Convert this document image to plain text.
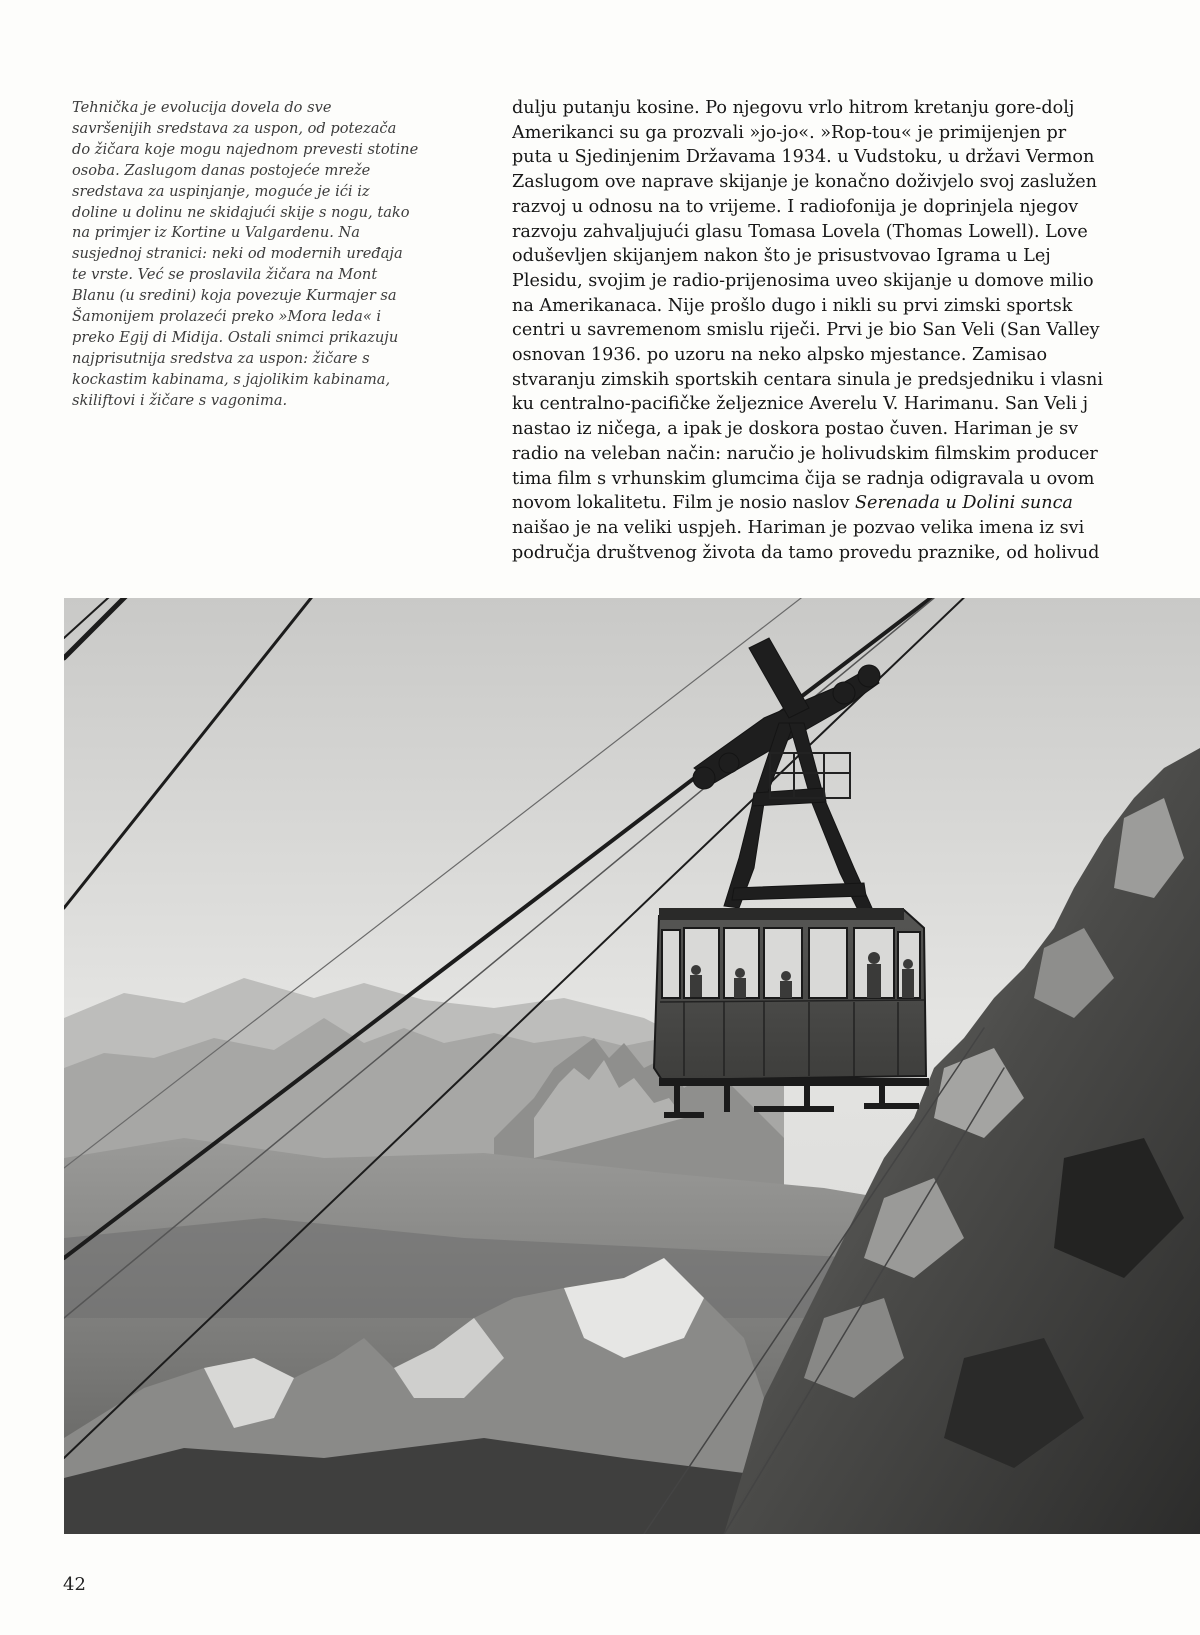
Tehnička je evolucija dovela do sve
savršenijih sredstava za uspon, od potezača
do žičara koje mogu najednom prevesti stotine
osoba. Zaslugom danas postojeće mreže
sredstava za uspinjanje, moguće je ići iz
doline u dolinu ne skidajući skije s nogu, tako
na primjer iz Kortine u Valgardenu. Na
susjednoj stranici: neki od modernih uređaja
te vrste. Već se proslavila žičara na Mont
Blanu (u sredini) koja povezuje Kurmajer sa
Šamonijem prolazeći preko »Mora leda« i
preko Egij di Midija. Ostali snimci prikazuju
najprisutnija sredstva za uspon: žičare s
kockastim kabinama, s jajolikim kabinama,
skiliftovi i žičare s vagonima.
dulju putanju kosine. Po njegovu vrlo hitrom kretanju gore-dolj
Amerikanci su ga prozvali »jo-jo«. »Rop-tou« je primijenjen pr
puta u Sjedinjenim Državama 1934. u Vudstoku, u državi Vermon
Zaslugom ove naprave skijanje je konačno doživjelo svoj zaslužen
razvoj u odnosu na to vrijeme. I radiofonija je doprinjela njegov
razvoju zahvaljujući glasu Tomasa Lovela (Thomas Lowell). Love
oduševljen skijanjem nakon što je prisustvovao Igrama u Lej
Plesidu, svojim je radio-prijenosima uveo skijanje u domove milio
na Amerikanaca. Nije prošlo dugo i nikli su prvi zimski sportsk
centri u savremenom smislu riječi. Prvi je bio San Veli (San Valley
osnovan 1936. po uzoru na neko alpsko mjestance. Zamisao
stvaranju zimskih sportskih centara sinula je predsjedniku i vlasni
ku centralno-pacifičke željeznice Averelu V. Harimanu. San Veli j
nastao iz ničega, a ipak je doskora postao čuven. Hariman je sv
radio na veleban način: naručio je holivudskim filmskim producer
tima film s vrhunskim glumcima čija se radnja odigravala u ovom
novom lokalitetu. Film je nosio naslov Serenada u Dolini sunca
naišao je na veliki uspjeh. Hariman je pozvao velika imena iz svi
područja društvenog života da tamo provedu praznike, od holivud
42
